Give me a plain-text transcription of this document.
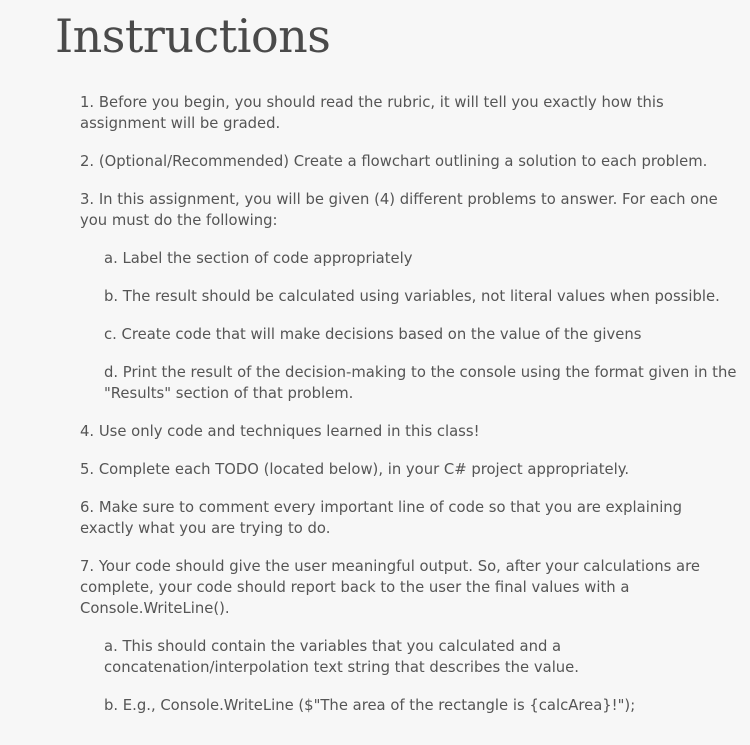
Instructions
1. Before you begin, you should read the rubric, it will tell you exactly how this assignment will be graded.
2. (Optional/Recommended) Create a flowchart outlining a solution to each problem.
3. In this assignment, you will be given (4) different problems to answer. For each one you must do the following:
a. Label the section of code appropriately
b. The result should be calculated using variables, not literal values when possible.
c. Create code that will make decisions based on the value of the givens
d. Print the result of the decision-making to the console using the format given in the "Results" section of that problem.
4. Use only code and techniques learned in this class!
5. Complete each TODO (located below), in your C# project appropriately.
6. Make sure to comment every important line of code so that you are explaining exactly what you are trying to do.
7. Your code should give the user meaningful output. So, after your calculations are complete, your code should report back to the user the final values with a Console.WriteLine().
a. This should contain the variables that you calculated and a concatenation/interpolation text string that describes the value.
b. E.g., Console.WriteLine ($"The area of the rectangle is {calcArea}!");
